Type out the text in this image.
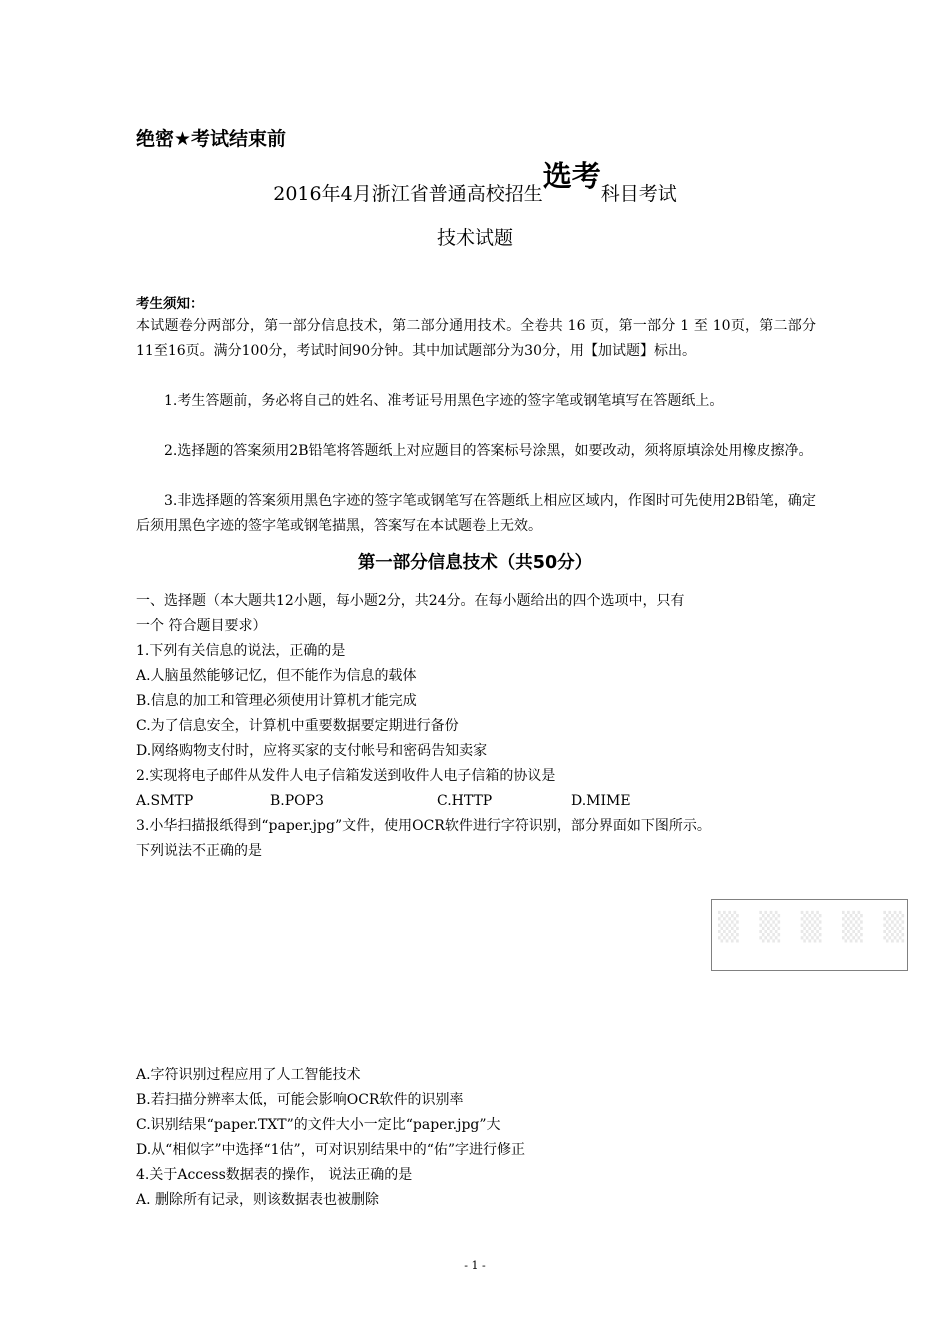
绝密★考试结束前
2016年4月浙江省普通高校招生选考科目考试
技术试题
考生须知：
本试题卷分两部分，第一部分信息技术，第二部分通用技术。全卷共 16 页，第一部分 1 至 10页，第二部分11至16页。满分100分，考试时间90分钟。其中加试题部分为30分，用【加试题】标出。
1.考生答题前，务必将自己的姓名、准考证号用黑色字迹的签字笔或钢笔填写在答题纸上。
2.选择题的答案须用2B铅笔将答题纸上对应题目的答案标号涂黑，如要改动，须将原填涂处用橡皮擦净。
3.非选择题的答案须用黑色字迹的签字笔或钢笔写在答题纸上相应区域内，作图时可先使用2B铅笔，确定后须用黑色字迹的签字笔或钢笔描黑，答案写在本试题卷上无效。
第一部分信息技术（共50分）
一、选择题（本大题共12小题，每小题2分，共24分。在每小题给出的四个选项中，只有
一个 符合题目要求）
1.下列有关信息的说法，正确的是
A.人脑虽然能够记忆，但不能作为信息的载体
B.信息的加工和管理必须使用计算机才能完成
C.为了信息安全，计算机中重要数据要定期进行备份
D.网络购物支付时，应将买家的支付帐号和密码告知卖家
2.实现将电子邮件从发件人电子信箱发送到收件人电子信箱的协议是
A.SMTP	B.POP3	C.HTTP	D.MIME
3.小华扫描报纸得到“paper.jpg”文件，使用OCR软件进行字符识别，部分界面如下图所示。
下列说法不正确的是
▒ ▒ ▒ ▒ ▒
A.字符识别过程应用了人工智能技术
B.若扫描分辨率太低，可能会影响OCR软件的识别率
C.识别结果“paper.TXT”的文件大小一定比“paper.jpg”大
D.从“相似字”中选择“1估”，可对识别结果中的“佑”字进行修正
4.关于Access数据表的操作， 说法正确的是
A. 删除所有记录，则该数据表也被删除
- 1 -
